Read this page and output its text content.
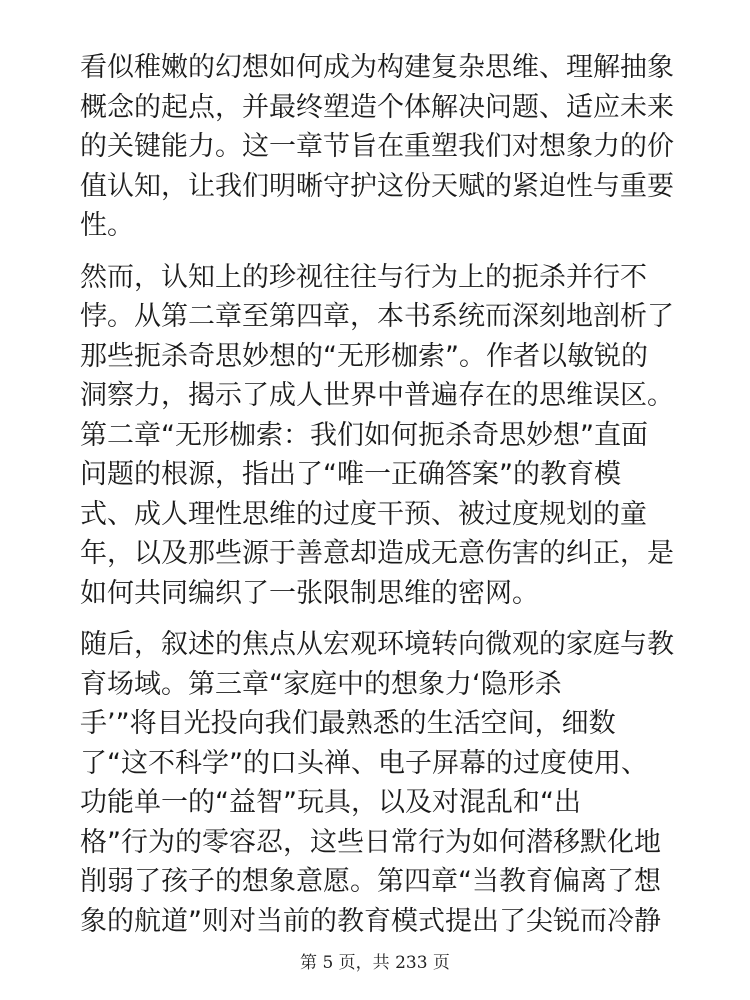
看似稚嫩的幻想如何成为构建复杂思维、理解抽象
概念的起点，并最终塑造个体解决问题、适应未来
的关键能力。这一章节旨在重塑我们对想象力的价
值认知，让我们明晰守护这份天赋的紧迫性与重要
性。
然而，认知上的珍视往往与行为上的扼杀并行不
悖。从第二章至第四章，本书系统而深刻地剖析了
那些扼杀奇思妙想的“无形枷索”。作者以敏锐的
洞察力，揭示了成人世界中普遍存在的思维误区。
第二章“无形枷索：我们如何扼杀奇思妙想”直面
问题的根源，指出了“唯一正确答案”的教育模
式、成人理性思维的过度干预、被过度规划的童
年，以及那些源于善意却造成无意伤害的纠正，是
如何共同编织了一张限制思维的密网。
随后，叙述的焦点从宏观环境转向微观的家庭与教
育场域。第三章“家庭中的想象力‘隐形杀
手’”将目光投向我们最熟悉的生活空间，细数
了“这不科学”的口头禅、电子屏幕的过度使用、
功能单一的“益智”玩具，以及对混乱和“出
格”行为的零容忍，这些日常行为如何潜移默化地
削弱了孩子的想象意愿。第四章“当教育偏离了想
象的航道”则对当前的教育模式提出了尖锐而冷静
第 5 页，共 233 页
